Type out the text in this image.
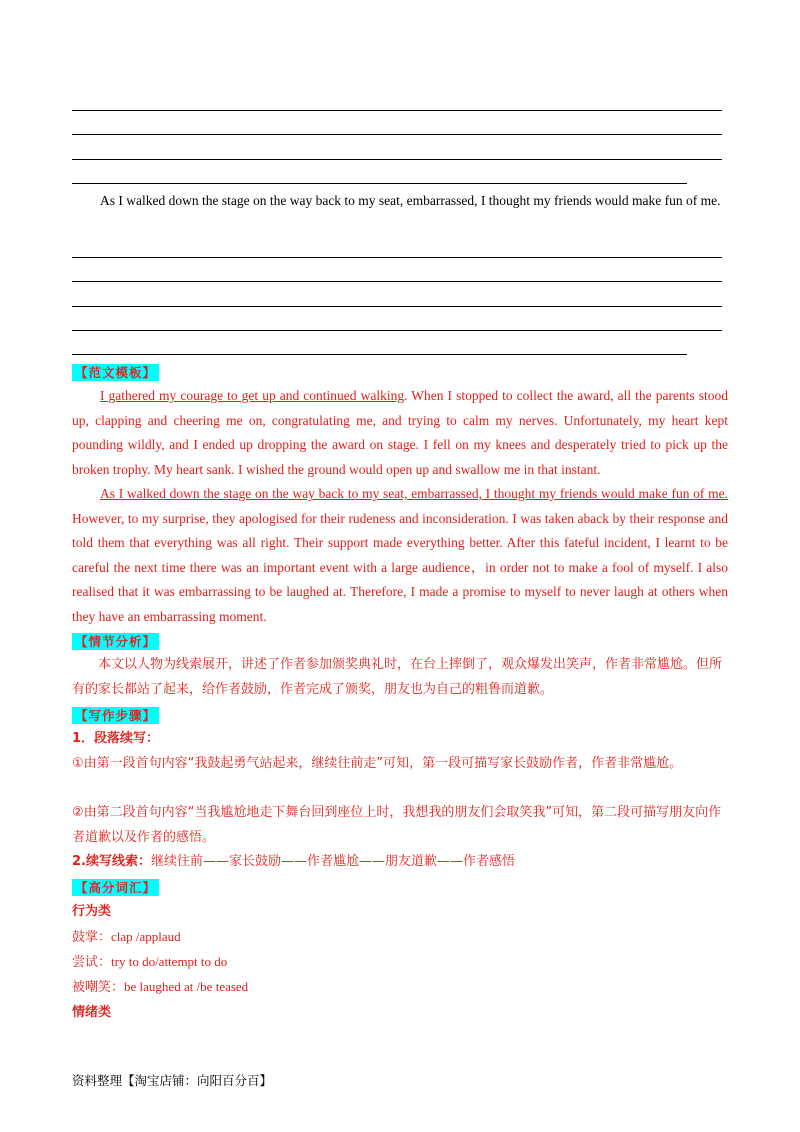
As I walked down the stage on the way back to my seat, embarrassed, I thought my friends would make fun of me.

【范文模板】

I gathered my courage to get up and continued walking. When I stopped to collect the award, all the parents stood up, clapping and cheering me on, congratulating me, and trying to calm my nerves. Unfortunately, my heart kept pounding wildly, and I ended up dropping the award on stage. I fell on my knees and desperately tried to pick up the broken trophy. My heart sank. I wished the ground would open up and swallow me in that instant.

As I walked down the stage on the way back to my seat, embarrassed, I thought my friends would make fun of me. However, to my surprise, they apologised for their rudeness and inconsideration. I was taken aback by their response and told them that everything was all right. Their support made everything better. After this fateful incident, I learnt to be careful the next time there was an important event with a large audience，in order not to make a fool of myself. I also realised that it was embarrassing to be laughed at. Therefore, I made a promise to myself to never laugh at others when they have an embarrassing moment.

【情节分析】

本文以人物为线索展开，讲述了作者参加颁奖典礼时，在台上摔倒了，观众爆发出笑声，作者非常尴尬。但所有的家长都站了起来，给作者鼓励，作者完成了颁奖，朋友也为自己的粗鲁而道歉。

【写作步骤】

1．段落续写：

①由第一段首句内容“我鼓起勇气站起来，继续往前走”可知，第一段可描写家长鼓励作者，作者非常尴尬。

②由第二段首句内容“当我尴尬地走下舞台回到座位上时，我想我的朋友们会取笑我”可知，第二段可描写朋友向作者道歉以及作者的感悟。

2.续写线索：继续往前——家长鼓励——作者尴尬——朋友道歉——作者感悟

【高分词汇】

行为类

鼓掌：clap /applaud

尝试：try to do/attempt to do

被嘲笑：be laughed at /be teased

情绪类

资料整理【淘宝店铺：向阳百分百】
